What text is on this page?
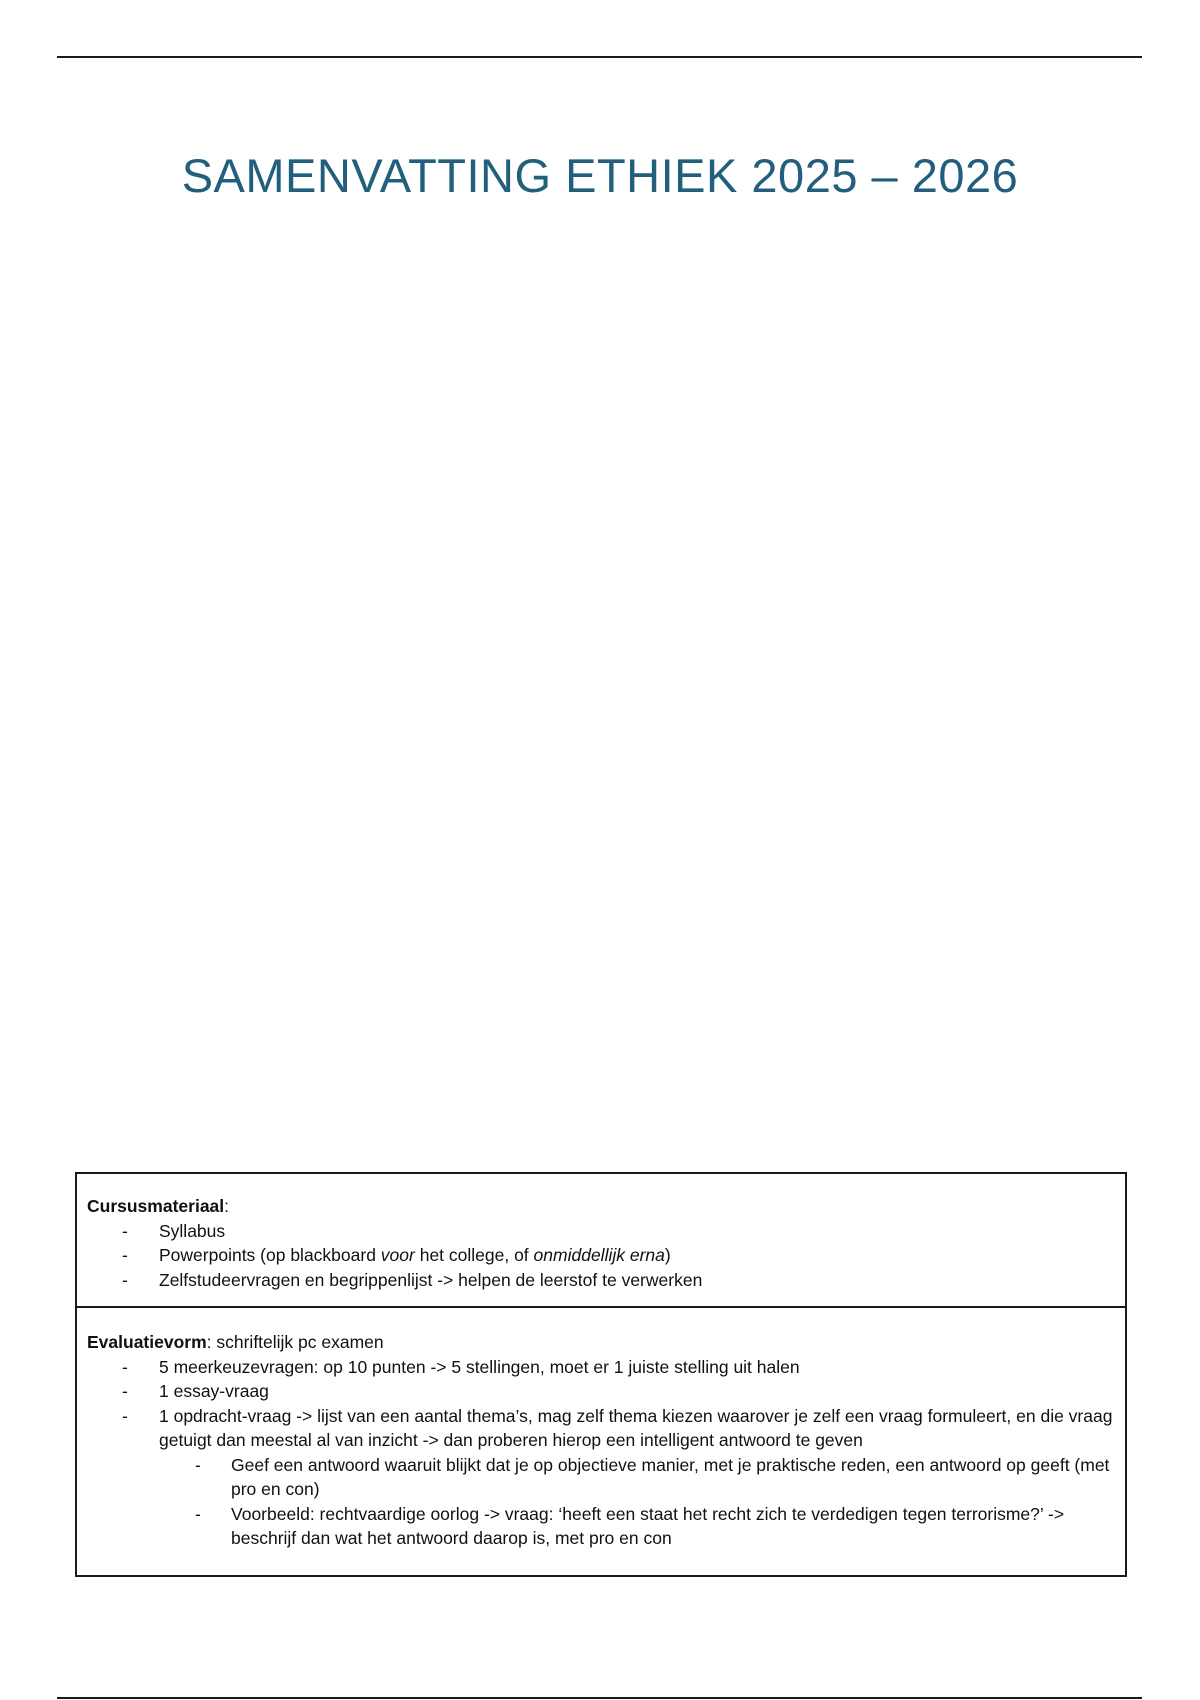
SAMENVATTING ETHIEK 2025 – 2026

Cursusmateriaal:

- Syllabus
- Powerpoints (op blackboard voor het college, of onmiddellijk erna)
- Zelfstudeervragen en begrippenlijst -> helpen de leerstof te verwerken

Evaluatievorm: schriftelijk pc examen

- 5 meerkeuzevragen: op 10 punten -> 5 stellingen, moet er 1 juiste stelling uit halen
- 1 essay-vraag
- 1 opdracht-vraag -> lijst van een aantal thema’s, mag zelf thema kiezen waarover je zelf een vraag formuleert, en die vraag getuigt dan meestal al van inzicht -> dan proberen hierop een intelligent antwoord te geven
- Geef een antwoord waaruit blijkt dat je op objectieve manier, met je praktische reden, een antwoord op geeft (met pro en con)
- Voorbeeld: rechtvaardige oorlog -> vraag: ‘heeft een staat het recht zich te verdedigen tegen terrorisme?’ -> beschrijf dan wat het antwoord daarop is, met pro en con
